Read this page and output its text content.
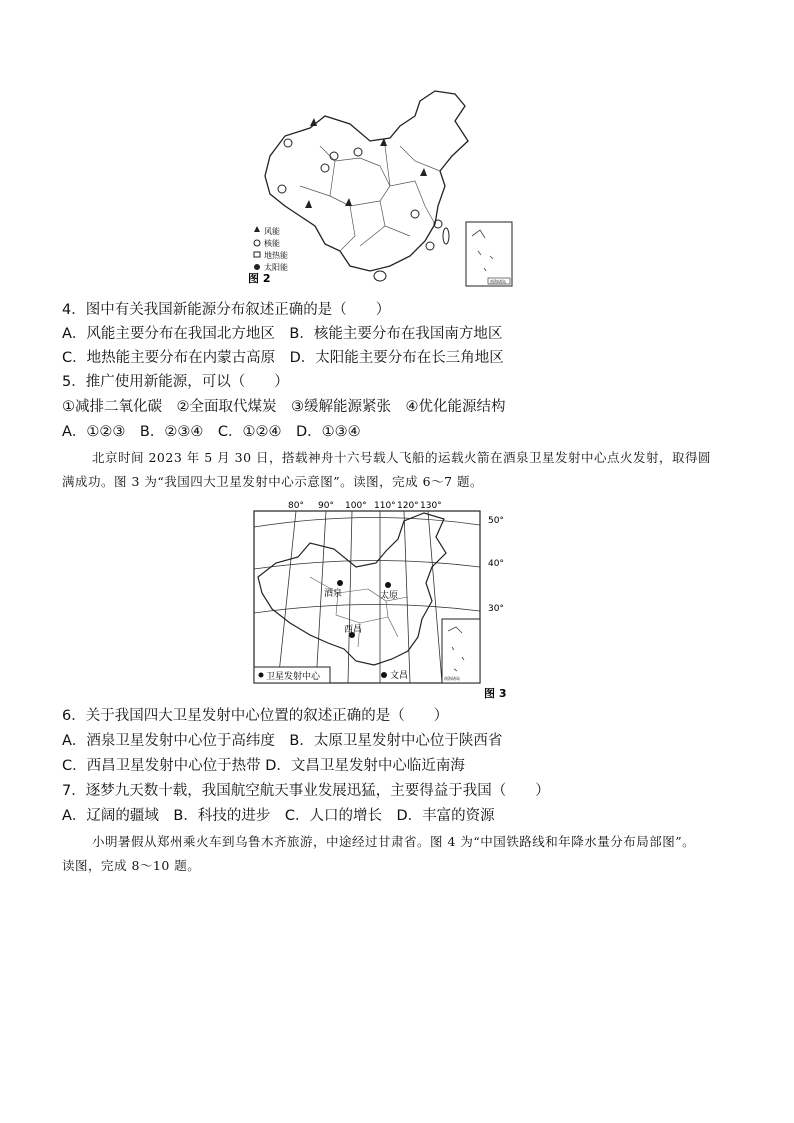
风能
核能
地热能
太阳能
图 2	南海诸岛
4．图中有关我国新能源分布叙述正确的是（　　）
A．风能主要分布在我国北方地区　B．核能主要分布在我国南方地区
C．地热能主要分布在内蒙古高原　D．太阳能主要分布在长三角地区
5．推广使用新能源，可以（　　）
①减排二氧化碳　②全面取代煤炭　③缓解能源紧张　④优化能源结构
A．①②③　B．②③④　C．①②④　D．①③④
北京时间 2023 年 5 月 30 日，搭载神舟十六号载人飞船的运载火箭在酒泉卫星发射中心点火发射，取得圆
满成功。图 3 为“我国四大卫星发射中心示意图”。读图，完成 6～7 题。
80° 90° 100° 110° 120° 130°
50°
40°
30°
酒泉	太原
西昌
文昌
卫星发射中心	南海诸岛
图 3
6．关于我国四大卫星发射中心位置的叙述正确的是（　　）
A．酒泉卫星发射中心位于高纬度　B．太原卫星发射中心位于陕西省
C．西昌卫星发射中心位于热带 D．文昌卫星发射中心临近南海
7．逐梦九天数十载，我国航空航天事业发展迅猛，主要得益于我国（　　）
A．辽阔的疆域　B．科技的进步　C．人口的增长　D．丰富的资源
小明暑假从郑州乘火车到乌鲁木齐旅游，中途经过甘肃省。图 4 为“中国铁路线和年降水量分布局部图”。
读图，完成 8～10 题。
